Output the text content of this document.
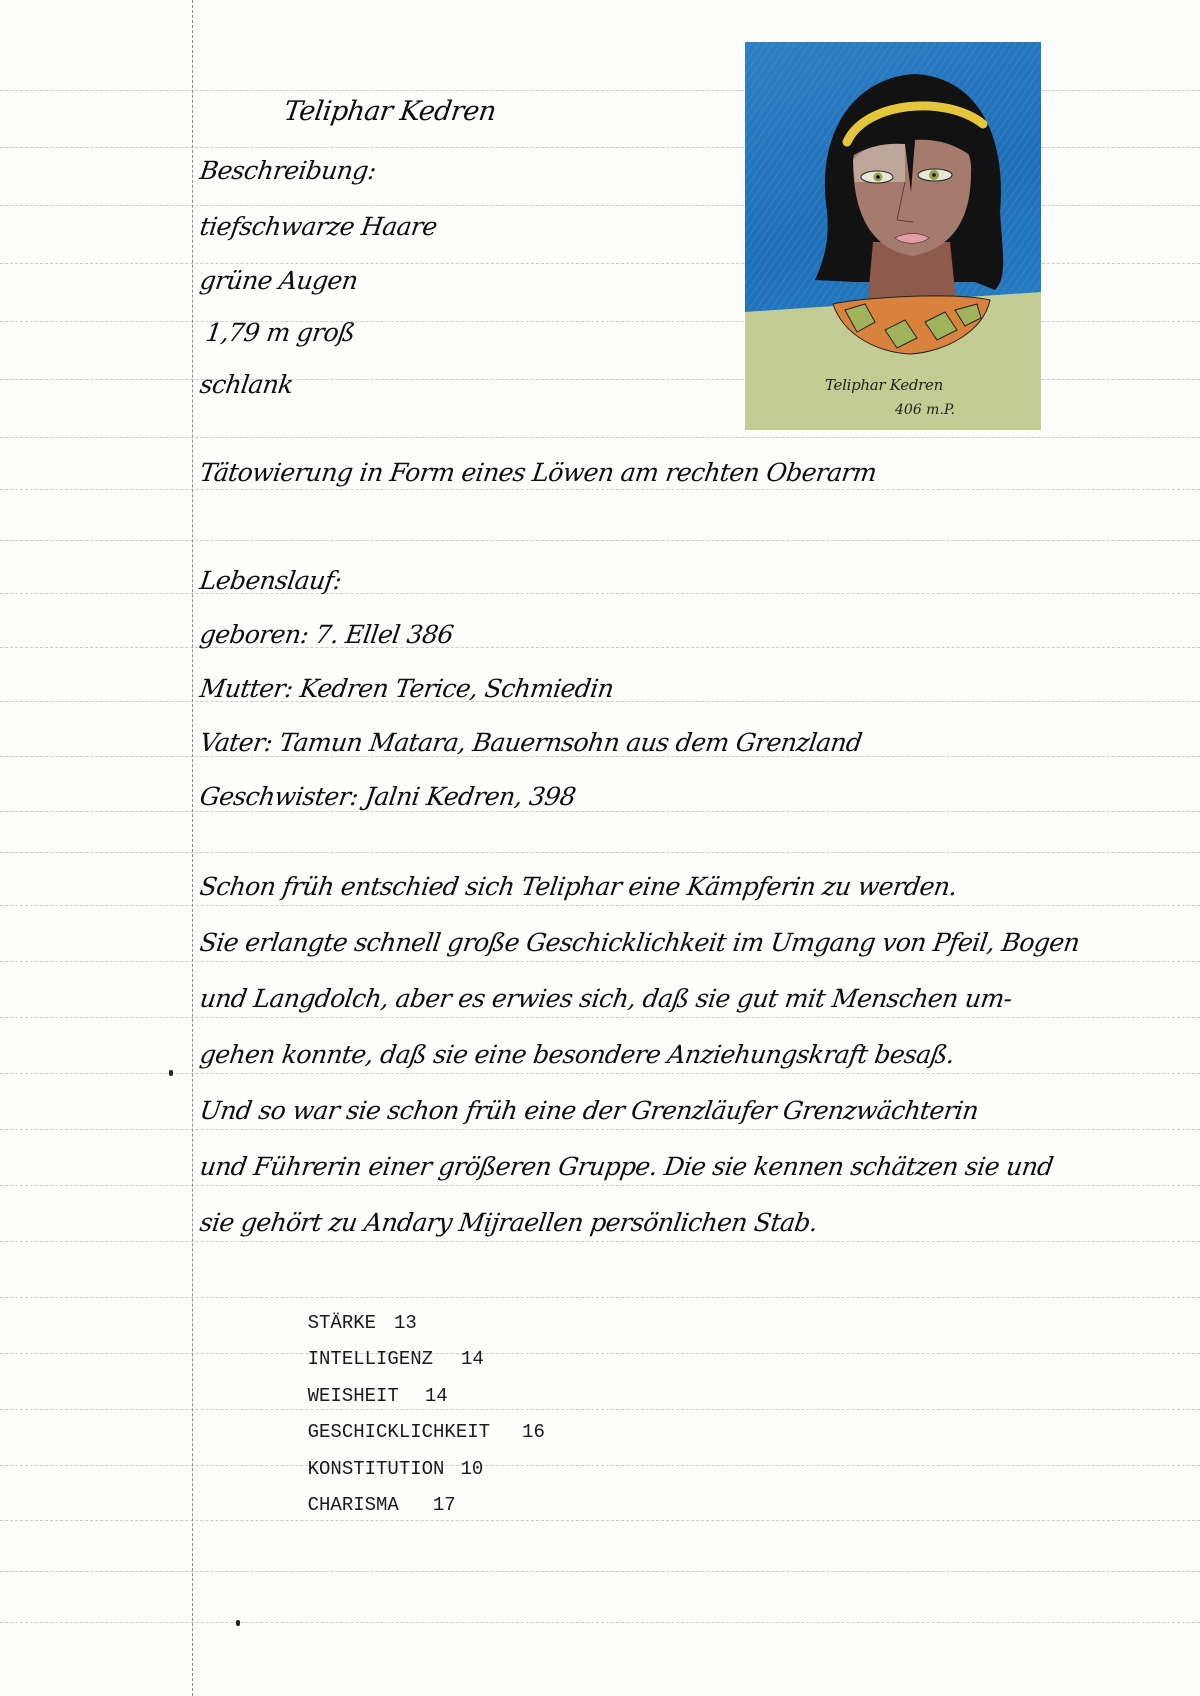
Teliphar Kedren
Beschreibung:
tiefschwarze Haare
grüne Augen
1,79 m groß
schlank	Teliphar Kedren
406 m.P.
Tätowierung in Form eines Löwen am rechten Oberarm
Lebenslauf:
geboren: 7. Ellel 386
Mutter: Kedren Terice, Schmiedin
Vater: Tamun Matara, Bauernsohn aus dem Grenzland
Geschwister: Jalni Kedren, 398
Schon früh entschied sich Teliphar eine Kämpferin zu werden.
Sie erlangte schnell große Geschicklichkeit im Umgang von Pfeil, Bogen
und Langdolch, aber es erwies sich, daß sie gut mit Menschen um-
gehen konnte, daß sie eine besondere Anziehungskraft besaß.
Und so war sie schon früh eine der Grenzläufer Grenzwächterin
und Führerin einer größeren Gruppe. Die sie kennen schätzen sie und
sie gehört zu Andary Mijraellen persönlichen Stab.

STÄRKE 13

INTELLIGENZ 14

WEISHEIT 14

GESCHICKLICHKEIT 16

KONSTITUTION 10

CHARISMA 17
